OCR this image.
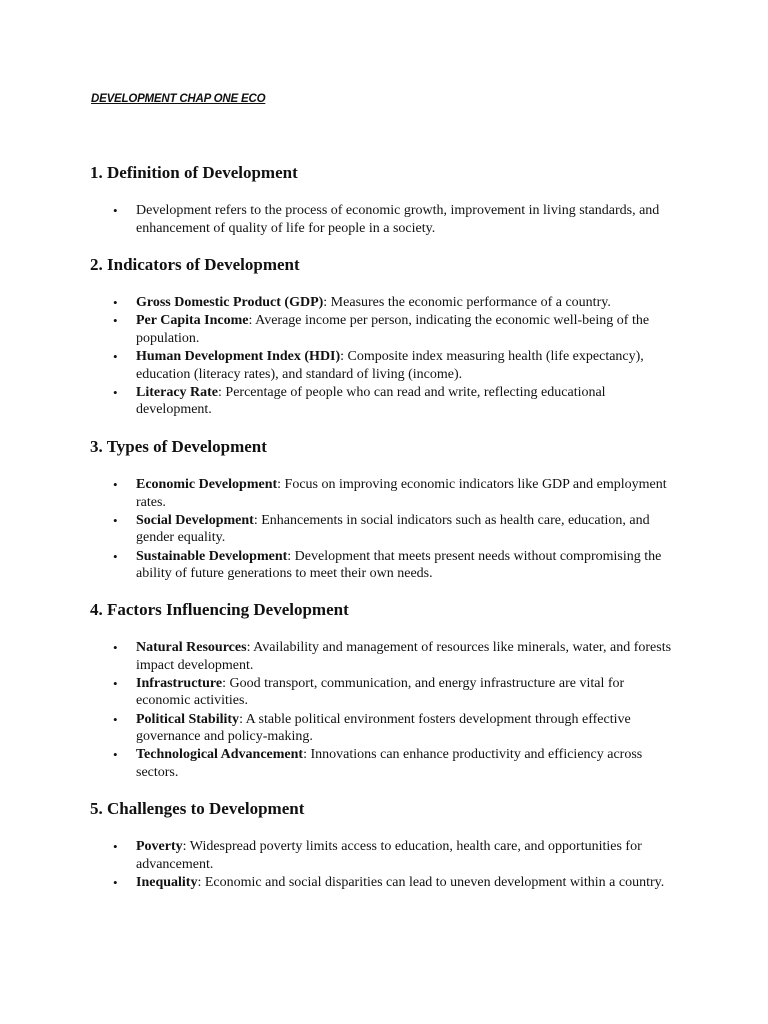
DEVELOPMENT CHAP ONE ECO

1. Definition of Development
• Development refers to the process of economic growth, improvement in living standards, and enhancement of quality of life for people in a society.
2. Indicators of Development
• Gross Domestic Product (GDP): Measures the economic performance of a country.
• Per Capita Income: Average income per person, indicating the economic well-being of the population.
• Human Development Index (HDI): Composite index measuring health (life expectancy), education (literacy rates), and standard of living (income).
• Literacy Rate: Percentage of people who can read and write, reflecting educational development.
3. Types of Development
• Economic Development: Focus on improving economic indicators like GDP and employment rates.
• Social Development: Enhancements in social indicators such as health care, education, and gender equality.
• Sustainable Development: Development that meets present needs without compromising the ability of future generations to meet their own needs.
4. Factors Influencing Development
• Natural Resources: Availability and management of resources like minerals, water, and forests impact development.
• Infrastructure: Good transport, communication, and energy infrastructure are vital for economic activities.
• Political Stability: A stable political environment fosters development through effective governance and policy-making.
• Technological Advancement: Innovations can enhance productivity and efficiency across sectors.
5. Challenges to Development
• Poverty: Widespread poverty limits access to education, health care, and opportunities for advancement.
• Inequality: Economic and social disparities can lead to uneven development within a country.
